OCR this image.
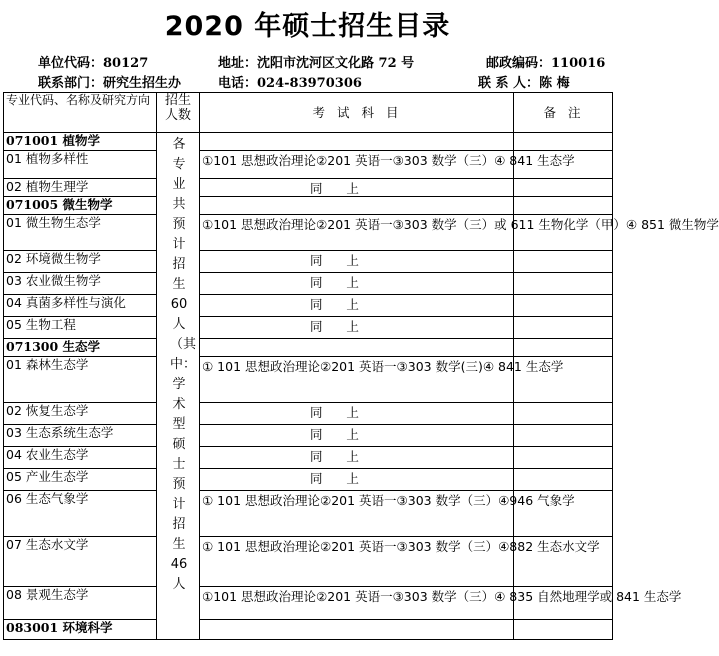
2020 年硕士招生目录
单位代码：80127	地址：沈阳市沈河区文化路 72 号	邮政编码：110016
联系部门：研究生招生办	电话：024-83970306	联 系 人：陈 梅
专业代码、名称及研究方向	招生人数	考 试 科 目	备 注
071001 植物学	各专业共预计招生60人（其中：学术型硕士预计招生46人		

01 植物多样性		①101 思想政治理论②201 英语一③303 数学（三）④ 841 生态学	
02 植物生理学		同      上	
071005 微生物学			
01 微生物生态学		①101 思想政治理论②201 英语一③303 数学（三）或 611 生物化学（甲）④ 851 微生物学	
02 环境微生物学		同      上	
03 农业微生物学		同      上	
04 真菌多样性与演化		同      上	
05 生物工程		同      上	
071300 生态学			
01 森林生态学		① 101 思想政治理论②201 英语一③303 数学(三)④ 841 生态学	
02 恢复生态学		同      上	
03 生态系统生态学		同      上	
04 农业生态学		同      上	
05 产业生态学		同      上	
06 生态气象学		① 101 思想政治理论②201 英语一③303 数学（三）④946 气象学	
07 生态水文学		① 101 思想政治理论②201 英语一③303 数学（三）④882 生态水文学	
08 景观生态学		①101 思想政治理论②201 英语一③303 数学（三）④ 835 自然地理学或 841 生态学	
083001 环境科学			
